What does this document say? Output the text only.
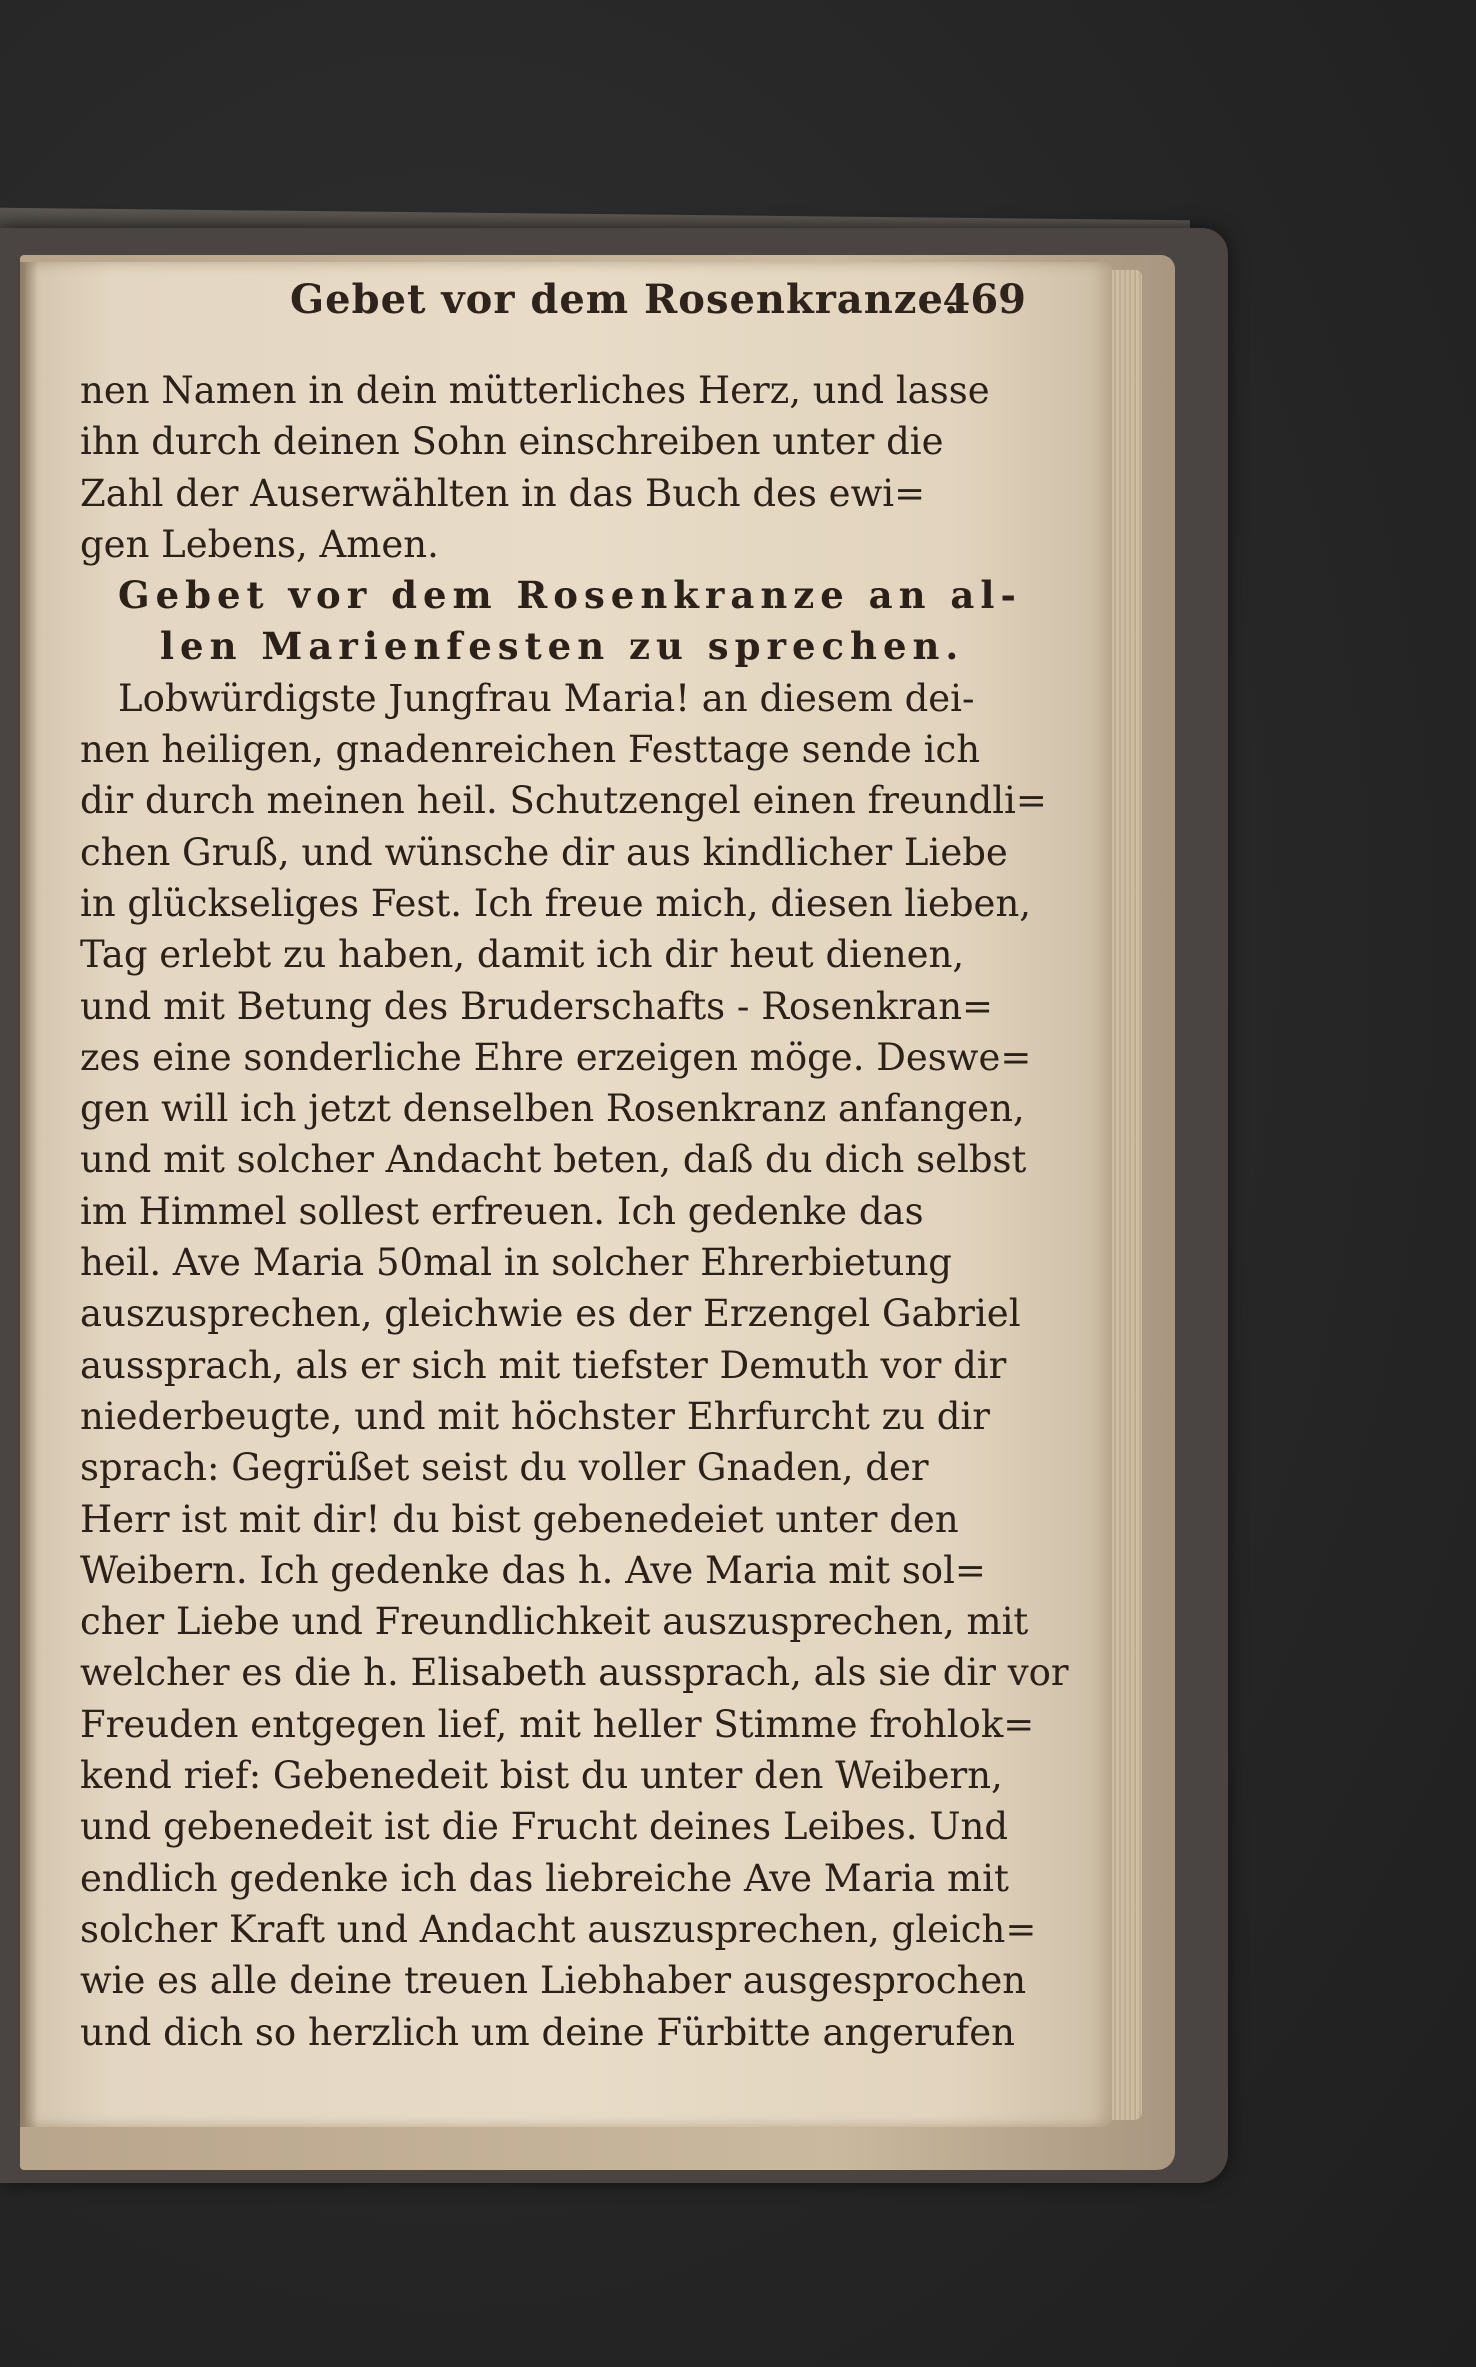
Gebet vor dem Rosenkranze.
469
nen Namen in dein mütterliches Herz, und lasse
ihn durch deinen Sohn einschreiben unter die
Zahl der Auserwählten in das Buch des ewi=
gen Lebens, Amen.
Gebet vor dem Rosenkranze an al-
len Marienfesten zu sprechen.
Lobwürdigste Jungfrau Maria! an diesem dei-
nen heiligen, gnadenreichen Festtage sende ich
dir durch meinen heil. Schutzengel einen freundli=
chen Gruß, und wünsche dir aus kindlicher Liebe
in glückseliges Fest. Ich freue mich, diesen lieben,
Tag erlebt zu haben, damit ich dir heut dienen,
und mit Betung des Bruderschafts - Rosenkran=
zes eine sonderliche Ehre erzeigen möge. Deswe=
gen will ich jetzt denselben Rosenkranz anfangen,
und mit solcher Andacht beten, daß du dich selbst
im Himmel sollest erfreuen. Ich gedenke das
heil. Ave Maria 50mal in solcher Ehrerbietung
auszusprechen, gleichwie es der Erzengel Gabriel
aussprach, als er sich mit tiefster Demuth vor dir
niederbeugte, und mit höchster Ehrfurcht zu dir
sprach: Gegrüßet seist du voller Gnaden, der
Herr ist mit dir! du bist gebenedeiet unter den
Weibern. Ich gedenke das h. Ave Maria mit sol=
cher Liebe und Freundlichkeit auszusprechen, mit
welcher es die h. Elisabeth aussprach, als sie dir vor
Freuden entgegen lief, mit heller Stimme frohlok=
kend rief: Gebenedeit bist du unter den Weibern,
und gebenedeit ist die Frucht deines Leibes. Und
endlich gedenke ich das liebreiche Ave Maria mit
solcher Kraft und Andacht auszusprechen, gleich=
wie es alle deine treuen Liebhaber ausgesprochen
und dich so herzlich um deine Fürbitte angerufen
